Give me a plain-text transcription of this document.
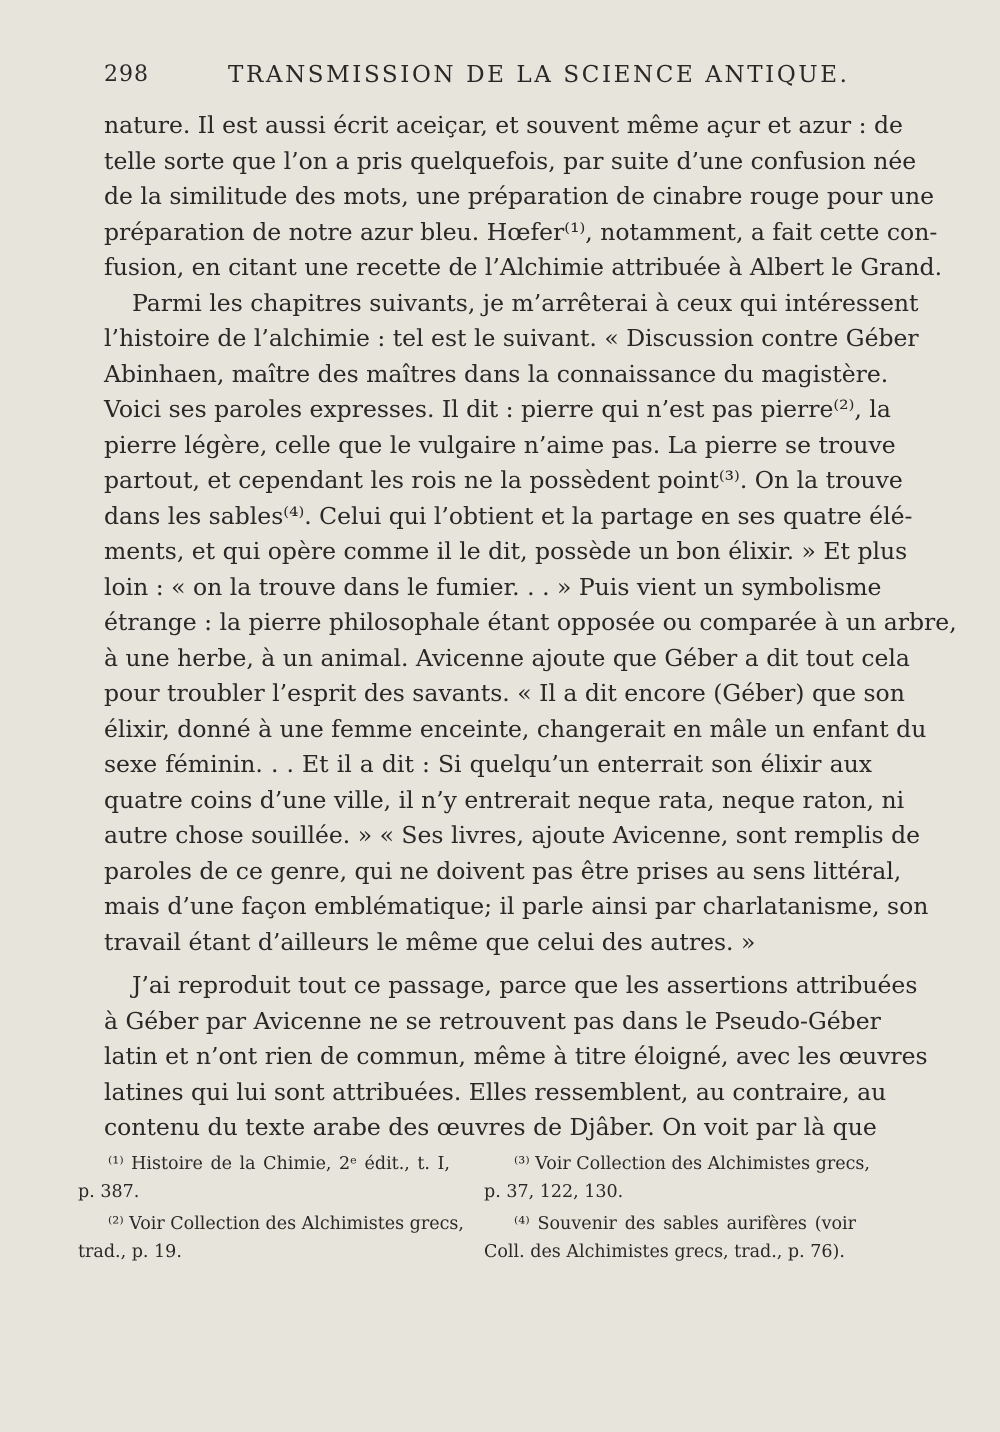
298	TRANSMISSION DE LA SCIENCE ANTIQUE.
nature. Il est aussi écrit aceiçar, et souvent même açur et azur : de
telle sorte que l’on a pris quelquefois, par suite d’une confusion née
de la similitude des mots, une préparation de cinabre rouge pour une
préparation de notre azur bleu. Hœfer⁽¹⁾, notamment, a fait cette con-
fusion, en citant une recette de l’Alchimie attribuée à Albert le Grand.
Parmi les chapitres suivants, je m’arrêterai à ceux qui intéressent
l’histoire de l’alchimie : tel est le suivant. « Discussion contre Géber
Abinhaen, maître des maîtres dans la connaissance du magistère.
Voici ses paroles expresses. Il dit : pierre qui n’est pas pierre⁽²⁾, la
pierre légère, celle que le vulgaire n’aime pas. La pierre se trouve
partout, et cependant les rois ne la possèdent point⁽³⁾. On la trouve
dans les sables⁽⁴⁾. Celui qui l’obtient et la partage en ses quatre élé-
ments, et qui opère comme il le dit, possède un bon élixir. » Et plus
loin : « on la trouve dans le fumier. . . » Puis vient un symbolisme
étrange : la pierre philosophale étant opposée ou comparée à un arbre,
à une herbe, à un animal. Avicenne ajoute que Géber a dit tout cela
pour troubler l’esprit des savants. « Il a dit encore (Géber) que son
élixir, donné à une femme enceinte, changerait en mâle un enfant du
sexe féminin. . . Et il a dit : Si quelqu’un enterrait son élixir aux
quatre coins d’une ville, il n’y entrerait neque rata, neque raton, ni
autre chose souillée. » « Ses livres, ajoute Avicenne, sont remplis de
paroles de ce genre, qui ne doivent pas être prises au sens littéral,
mais d’une façon emblématique; il parle ainsi par charlatanisme, son
travail étant d’ailleurs le même que celui des autres. »
J’ai reproduit tout ce passage, parce que les assertions attribuées
à Géber par Avicenne ne se retrouvent pas dans le Pseudo-Géber
latin et n’ont rien de commun, même à titre éloigné, avec les œuvres
latines qui lui sont attribuées. Elles ressemblent, au contraire, au
contenu du texte arabe des œuvres de Djâber. On voit par là que
⁽¹⁾ Histoire de la Chimie, 2ᵉ édit., t. I,
p. 387.
⁽²⁾ Voir Collection des Alchimistes grecs,
trad., p. 19.
⁽³⁾ Voir Collection des Alchimistes grecs,
p. 37, 122, 130.
⁽⁴⁾ Souvenir des sables aurifères (voir
Coll. des Alchimistes grecs, trad., p. 76).
